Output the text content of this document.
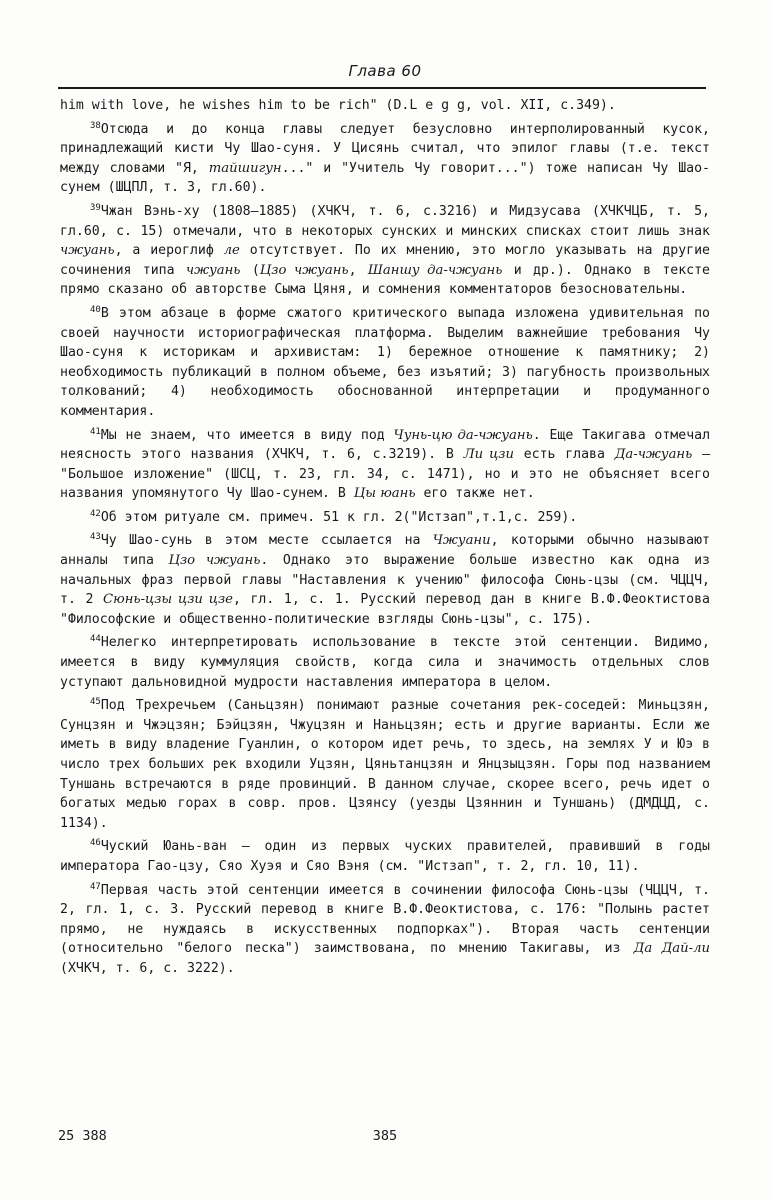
Глава 60

him with love, he wishes him to be rich" (D.L e g g, vol. XII, c.349).

$^{38}$Отсюда и до конца главы следует безусловно интерполированный кусок, принадлежащий кисти Чу Шао-суня. У Цисянь считал, что эпилог главы (т.е. текст между словами "Я, тайшигун..." и "Учитель Чу говорит...") тоже написан Чу Шао-сунем (ШЦПЛ, т. 3, гл.60).

$^{39}$Чжан Вэнь-ху (1808—1885) (ХЧКЧ, т. 6, с.3216) и Мидзусава (ХЧКЧЦБ, т. 5, гл.60, с. 15) отмечали, что в некоторых сунских и минских списках стоит лишь знак чжуань, а иероглиф ле отсутствует. По их мнению, это могло указывать на другие сочинения типа чжуань (Цзо чжуань, Шаншу да-чжуань и др.). Однако в тексте прямо сказано об авторстве Сыма Цяня, и сомнения комментаторов безосновательны.

$^{40}$В этом абзаце в форме сжатого критического выпада изложена удивительная по своей научности историографическая платформа. Выделим важнейшие требования Чу Шао-суня к историкам и архивистам: 1) бережное отношение к памятнику; 2) необходимость публикаций в полном объеме, без изъятий; 3) пагубность произвольных толкований; 4) необходимость обоснованной интерпретации и продуманного комментария.

$^{41}$Мы не знаем, что имеется в виду под Чунь-цю да-чжуань. Еще Такигава отмечал неясность этого названия (ХЧКЧ, т. 6, с.3219). В Ли цзи есть глава Да-чжуань — "Большое изложение" (ШСЦ, т. 23, гл. 34, с. 1471), но и это не объясняет всего названия упомянутого Чу Шао-сунем. В Цы юань его также нет.

$^{42}$Об этом ритуале см. примеч. 51 к гл. 2("Истзап",т.1,с. 259).

$^{43}$Чу Шао-сунь в этом месте ссылается на Чжуани, которыми обычно называют анналы типа Цзо чжуань. Однако это выражение больше известно как одна из начальных фраз первой главы "Наставления к учению" философа Сюнь-цзы (см. ЧЦЦЧ, т. 2 Сюнь-цзы цзи цзе, гл. 1, с. 1. Русский перевод дан в книге В.Ф.Феоктистова "Философские и общественно-политические взгляды Сюнь-цзы", с. 175).

$^{44}$Нелегко интерпретировать использование в тексте этой сентенции. Видимо, имеется в виду куммуляция свойств, когда сила и значимость отдельных слов уступают дальновидной мудрости наставления императора в целом.

$^{45}$Под Трехречьем (Саньцзян) понимают разные сочетания рек-соседей: Миньцзян, Сунцзян и Чжэцзян; Бэйцзян, Чжуцзян и Наньцзян; есть и другие варианты. Если же иметь в виду владение Гуанлин, о котором идет речь, то здесь, на землях У и Юэ в число трех больших рек входили Уцзян, Цяньтанцзян и Янцзыцзян. Горы под названием Туншань встречаются в ряде провинций. В данном случае, скорее всего, речь идет о богатых медью горах в совр. пров. Цзянсу (уезды Цзяннин и Туншань) (ДМДЦД, с. 1134).

$^{46}$Чуский Юань-ван — один из первых чуских правителей, правивший в годы императора Гао-цзу, Сяо Хуэя и Сяо Вэня (см. "Истзап", т. 2, гл. 10, 11).

$^{47}$Первая часть этой сентенции имеется в сочинении философа Сюнь-цзы (ЧЦЦЧ, т. 2, гл. 1, с. 3. Русский перевод в книге В.Ф.Феоктистова, с. 176: "Полынь растет прямо, не нуждаясь в искусственных подпорках"). Вторая часть сентенции (относительно "белого песка") заимствована, по мнению Такигавы, из Да Дай-ли (ХЧКЧ, т. 6, с. 3222).

25 388	385
